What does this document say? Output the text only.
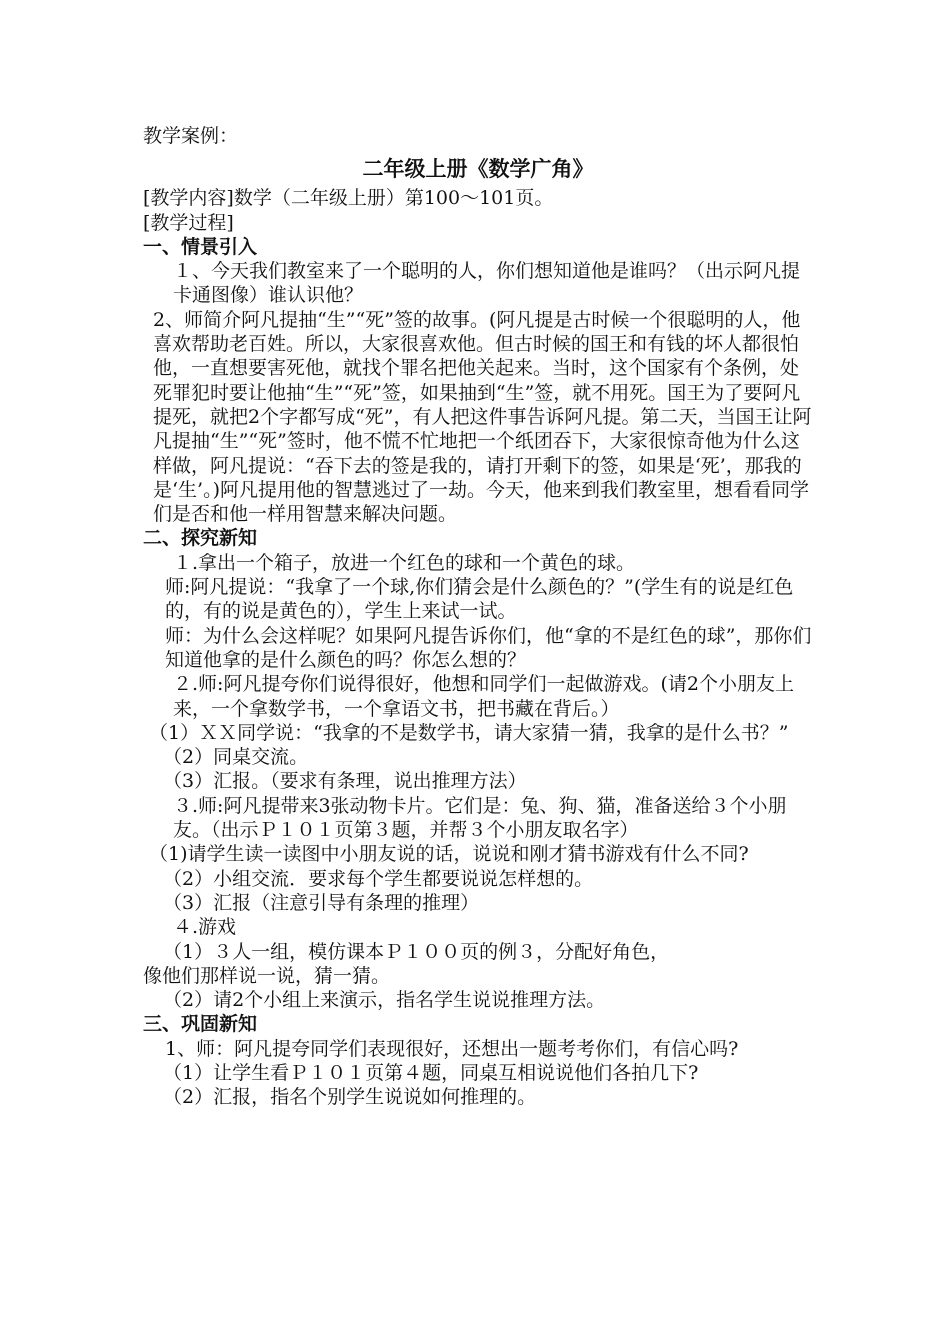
教学案例：

二年级上册《数学广角》

[教学内容]数学（二年级上册）第100～101页。

[教学过程]

一、情景引入

１、今天我们教室来了一个聪明的人，你们想知道他是谁吗？（出示阿凡提卡通图像）谁认识他？

2、师简介阿凡提抽“生”“死”签的故事。(阿凡提是古时候一个很聪明的人，他喜欢帮助老百姓。所以，大家很喜欢他。但古时候的国王和有钱的坏人都很怕他，一直想要害死他，就找个罪名把他关起来。当时，这个国家有个条例，处死罪犯时要让他抽“生”“死”签，如果抽到“生”签，就不用死。国王为了要阿凡提死，就把2个字都写成“死”，有人把这件事告诉阿凡提。第二天，当国王让阿凡提抽“生”“死”签时，他不慌不忙地把一个纸团吞下，大家很惊奇他为什么这样做，阿凡提说：“吞下去的签是我的，请打开剩下的签，如果是‘死’，那我的是‘生’。)阿凡提用他的智慧逃过了一劫。今天，他来到我们教室里，想看看同学们是否和他一样用智慧来解决问题。

二、探究新知

１.拿出一个箱子，放进一个红色的球和一个黄色的球。

师:阿凡提说：“我拿了一个球,你们猜会是什么颜色的？”(学生有的说是红色的，有的说是黄色的），学生上来试一试。

师：为什么会这样呢？如果阿凡提告诉你们，他“拿的不是红色的球”，那你们知道他拿的是什么颜色的吗？你怎么想的？

２.师:阿凡提夸你们说得很好，他想和同学们一起做游戏。(请2个小朋友上来，一个拿数学书，一个拿语文书，把书藏在背后。）

（1）ＸＸ同学说：“我拿的不是数学书，请大家猜一猜，我拿的是什么书？”

（2）同桌交流。

（3）汇报。（要求有条理，说出推理方法）

３.师:阿凡提带来3张动物卡片。它们是：兔、狗、猫，准备送给３个小朋友。（出示Ｐ１０１页第３题，并帮３个小朋友取名字）

（1)请学生读一读图中小朋友说的话，说说和刚才猜书游戏有什么不同?

（2）小组交流．要求每个学生都要说说怎样想的。

（3）汇报（注意引导有条理的推理）

４.游戏

（1）３人一组，模仿课本Ｐ１００页的例３，分配好角色，

像他们那样说一说，猜一猜。

（2）请2个小组上来演示，指名学生说说推理方法。

三、巩固新知

1、师：阿凡提夸同学们表现很好，还想出一题考考你们，有信心吗?

（1）让学生看Ｐ１０１页第４题，同桌互相说说他们各拍几下?

（2）汇报，指名个别学生说说如何推理的。
